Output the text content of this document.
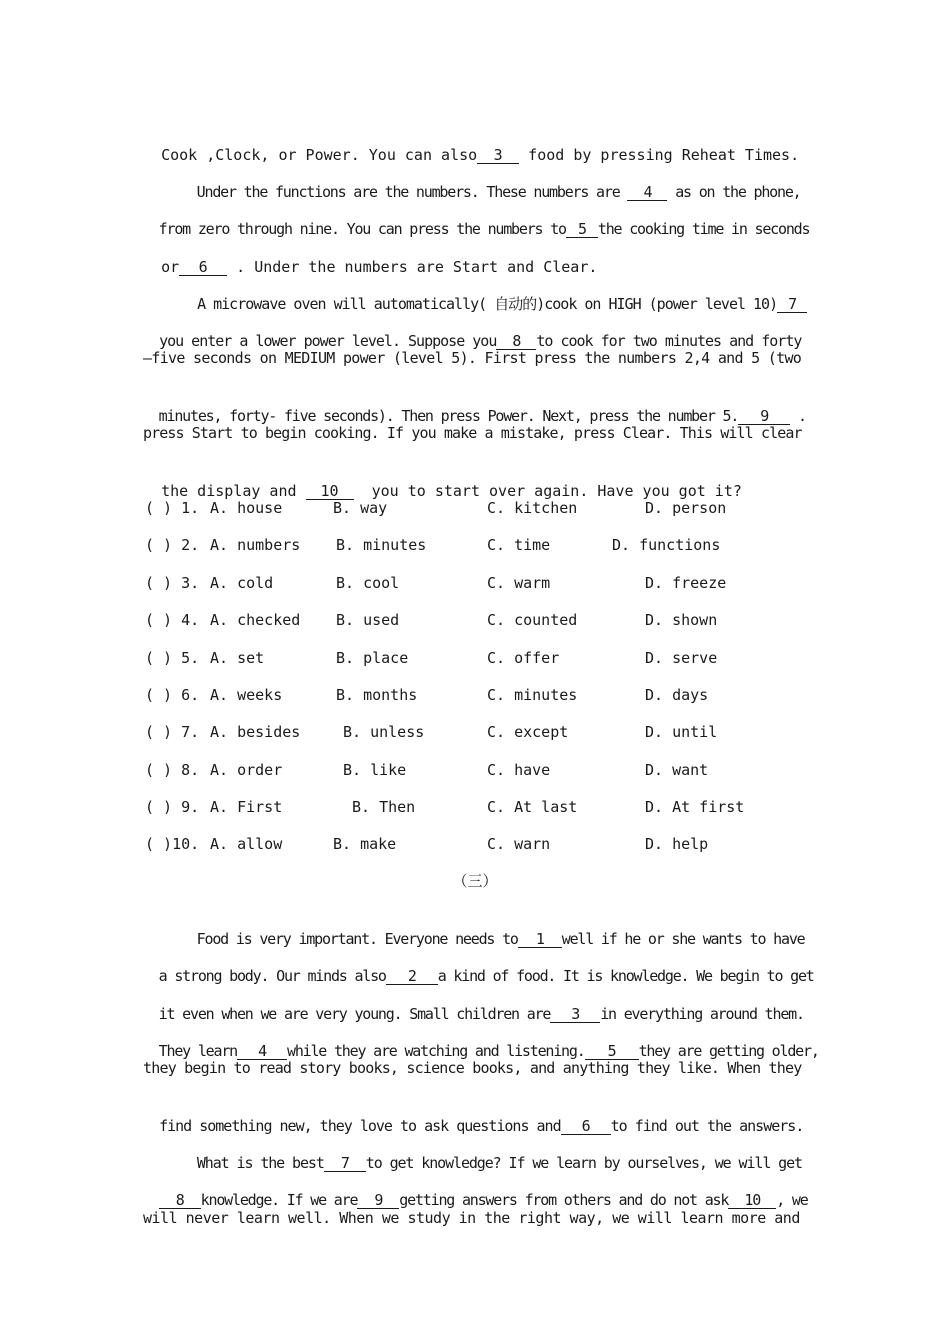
Cook ,Clock, or Power. You can also 3 food by pressing Reheat Times.

Under the functions are the numbers. These numbers are 4 as on the phone,

from zero through nine. You can press the numbers to 5 the cooking time in seconds

or 6 . Under the numbers are Start and Clear.

A microwave oven will automatically( 自动的)cook on HIGH (power level 10) 7

you enter a lower power level. Suppose you 8 to cook for two minutes and forty

–five seconds on MEDIUM power (level 5). First press the numbers 2,4 and 5 (two

minutes, forty- five seconds). Then press Power. Next, press the number 5. 9 .

press Start to begin cooking. If you make a mistake, press Clear. This will clear

the display and 10  you to start over again. Have you got it?

( ) 1. A. house	B. way	C. kitchen	D. person
( ) 2. A. numbers B. minutes	C. time	D. functions
( ) 3. A. cold	B. cool	C. warm	D. freeze
( ) 4. A. checked B. used	C. counted	D. shown
( ) 5. A. set	B. place	C. offer	D. serve
( ) 6. A. weeks	B. months	C. minutes	D. days
( ) 7. A. besides	B. unless	C. except	D. until
( ) 8. A. order	B. like	C. have	D. want
( ) 9. A. First	B. Then	C. At last	D. At first
( )10. A. allow	B. make	C. warn	D. help
（三）

Food is very important. Everyone needs to 1 well if he or she wants to have

a strong body. Our minds also 2 a kind of food. It is knowledge. We begin to get

it even when we are very young. Small children are 3 in everything around them.

They learn 4 while they are watching and listening. 5 they are getting older,

they begin to read story books, science books, and anything they like. When they

find something new, they love to ask questions and 6 to find out the answers.

What is the best 7 to get knowledge? If we learn by ourselves, we will get

8 knowledge. If we are 9 getting answers from others and do not ask 10 , we

will never learn well. When we study in the right way, we will learn more and
